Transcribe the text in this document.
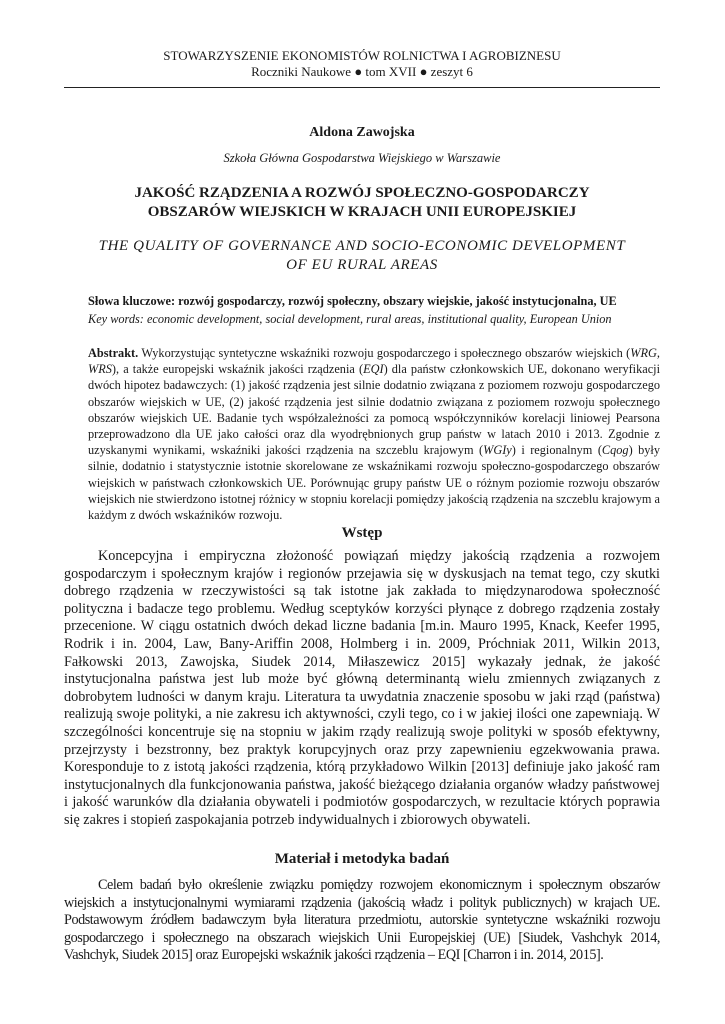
STOWARZYSZENIE EKONOMISTÓW ROLNICTWA I AGROBIZNESU
Roczniki Naukowe ● tom XVII ● zeszyt 6
Aldona Zawojska
Szkoła Główna Gospodarstwa Wiejskiego w Warszawie
JAKOŚĆ RZĄDZENIA A ROZWÓJ SPOŁECZNO-GOSPODARCZY
OBSZARÓW WIEJSKICH W KRAJACH UNII EUROPEJSKIEJ
THE QUALITY OF GOVERNANCE AND SOCIO-ECONOMIC DEVELOPMENT
OF EU RURAL AREAS
Słowa kluczowe: rozwój gospodarczy, rozwój społeczny, obszary wiejskie, jakość instytucjonalna, UE
Key words: economic development, social development, rural areas, institutional quality, European Union
Abstrakt. Wykorzystując syntetyczne wskaźniki rozwoju gospodarczego i społecznego obszarów wiejskich (WRG, WRS), a także europejski wskaźnik jakości rządzenia (EQI) dla państw członkowskich UE, dokonano weryfikacji dwóch hipotez badawczych: (1) jakość rządzenia jest silnie dodatnio związana z poziomem rozwoju gospodarczego obszarów wiejskich w UE, (2) jakość rządzenia jest silnie dodatnio związana z poziomem rozwoju społecznego obszarów wiejskich UE. Badanie tych współzależności za pomocą współczynników korelacji liniowej Pearsona przeprowadzono dla UE jako całości oraz dla wyodrębnionych grup państw w latach 2010 i 2013. Zgodnie z uzyskanymi wynikami, wskaźniki jakości rządzenia na szczeblu krajowym (WGIy) i regionalnym (Cqog) były silnie, dodatnio i statystycznie istotnie skorelowane ze wskaźnikami rozwoju społeczno-gospodarczego obszarów wiejskich w państwach członkowskich UE. Porównując grupy państw UE o różnym poziomie rozwoju obszarów wiejskich nie stwierdzono istotnej różnicy w stopniu korelacji pomiędzy jakością rządzenia na szczeblu krajowym a każdym z dwóch wskaźników rozwoju.
Wstęp

Koncepcyjna i empiryczna złożoność powiązań między jakością rządzenia a rozwojem gospodarczym i społecznym krajów i regionów przejawia się w dyskusjach na temat tego, czy skutki dobrego rządzenia w rzeczywistości są tak istotne jak zakłada to międzynarodowa społeczność polityczna i badacze tego problemu. Według sceptyków korzyści płynące z dobrego rządzenia zostały przecenione. W ciągu ostatnich dwóch dekad liczne badania [m.in. Mauro 1995, Knack, Keefer 1995, Rodrik i in. 2004, Law, Bany-Ariffin 2008, Holmberg i in. 2009, Próchniak 2011, Wilkin 2013, Fałkowski 2013, Zawojska, Siudek 2014, Miłaszewicz 2015] wykazały jednak, że jakość instytucjonalna państwa jest lub może być główną determinantą wielu zmiennych związanych z dobrobytem ludności w danym kraju. Literatura ta uwydatnia znaczenie sposobu w jaki rząd (państwa) realizują swoje polityki, a nie zakresu ich aktywności, czyli tego, co i w jakiej ilości one zapewniają. W szczególności koncentruje się na stopniu w jakim rządy realizują swoje polityki w sposób efektywny, przejrzysty i bezstronny, bez praktyk korupcyjnych oraz przy zapewnieniu egzekwowania prawa. Koresponduje to z istotą jakości rządzenia, którą przykładowo Wilkin [2013] definiuje jako jakość ram instytucjonalnych dla funkcjonowania państwa, jakość bieżącego działania organów władzy państwowej i jakość warunków dla działania obywateli i podmiotów gospodarczych, w rezultacie których poprawia się zakres i stopień zaspokajania potrzeb indywidualnych i zbiorowych obywateli.

Materiał i metodyka badań

Celem badań było określenie związku pomiędzy rozwojem ekonomicznym i społecznym obszarów wiejskich a instytucjonalnymi wymiarami rządzenia (jakością władz i polityk publicznych) w krajach UE. Podstawowym źródłem badawczym była literatura przedmiotu, autorskie syntetyczne wskaźniki rozwoju gospodarczego i społecznego na obszarach wiejskich Unii Europejskiej (UE) [Siudek, Vashchyk 2014, Vashchyk, Siudek 2015] oraz Europejski wskaźnik jakości rządzenia – EQI [Charron i in. 2014, 2015].
